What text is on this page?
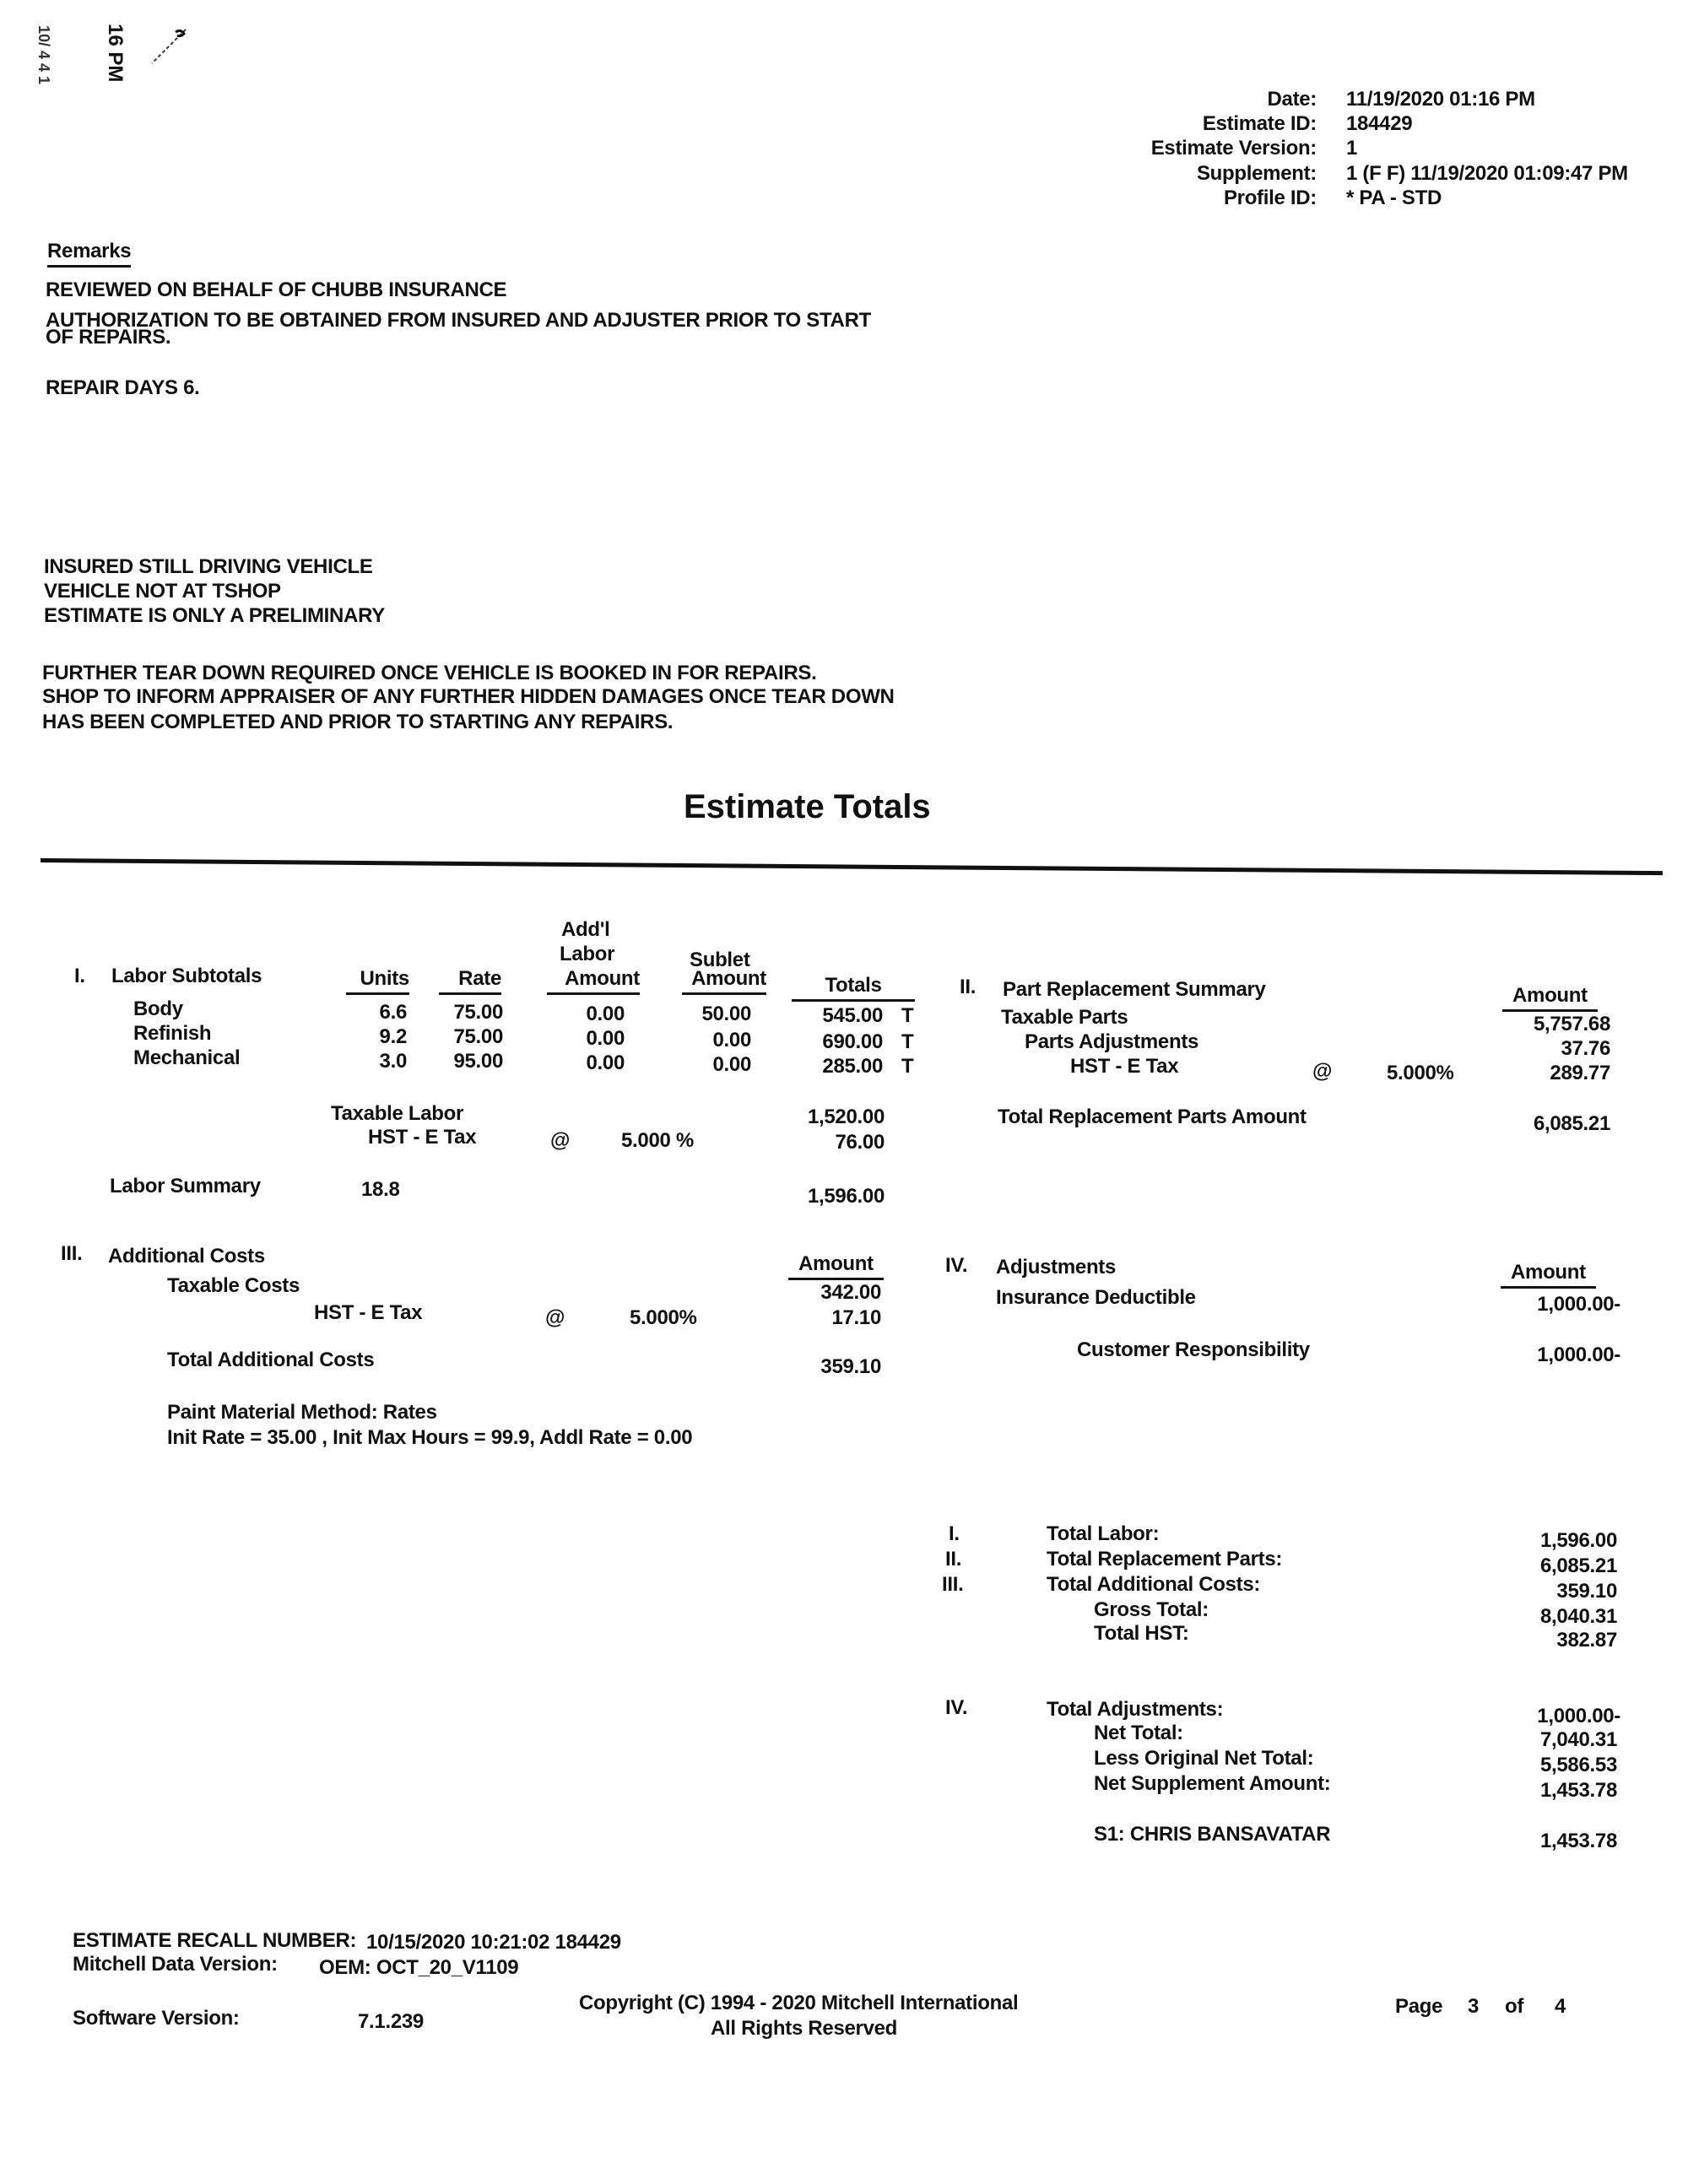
16 PM
10/ 4 4 1
Date: 11/19/2020 01:16 PM
Estimate ID: 184429
Estimate Version: 1
Supplement: 1 (F F) 11/19/2020 01:09:47 PM
Profile ID: * PA - STD
Remarks
REVIEWED ON BEHALF OF CHUBB INSURANCE
AUTHORIZATION TO BE OBTAINED FROM INSURED AND ADJUSTER PRIOR TO START
OF REPAIRS.
REPAIR DAYS 6.
INSURED STILL DRIVING VEHICLE
VEHICLE NOT AT TSHOP
ESTIMATE IS ONLY A PRELIMINARY
FURTHER TEAR DOWN REQUIRED ONCE VEHICLE IS BOOKED IN FOR REPAIRS.
SHOP TO INFORM APPRAISER OF ANY FURTHER HIDDEN DAMAGES ONCE TEAR DOWN
HAS BEEN COMPLETED AND PRIOR TO STARTING ANY REPAIRS.
Estimate Totals
I. Labor Subtotals	Units	Rate
Add'l
Labor
Amount
Sublet
Amount	Totals
Body	6.6	75.00	0.00	50.00	545.00 T
Refinish	9.2	75.00	0.00	0.00	690.00 T
Mechanical	3.0	95.00	0.00	0.00	285.00 T
Taxable Labor	1,520.00
HST - E Tax	@	5.000 %	76.00
Labor Summary	18.8	1,596.00
II. Part Replacement Summary	Amount
Taxable Parts	5,757.68
Parts Adjustments	37.76
HST - E Tax	@	5.000%	289.77
Total Replacement Parts Amount	6,085.21
III. Additional Costs	Amount
Taxable Costs	342.00
HST - E Tax	@	5.000%	17.10
Total Additional Costs	359.10
Paint Material Method: Rates
Init Rate = 35.00 , Init Max Hours = 99.9, Addl Rate = 0.00
IV. Adjustments	Amount
Insurance Deductible	1,000.00-
Customer Responsibility	1,000.00-
I.	Total Labor:	1,596.00
II.	Total Replacement Parts:	6,085.21
III.	Total Additional Costs:	359.10
Gross Total:	8,040.31
Total HST:	382.87
IV.	Total Adjustments:	1,000.00-
Net Total:	7,040.31
Less Original Net Total:	5,586.53
Net Supplement Amount:	1,453.78
S1: CHRIS BANSAVATAR	1,453.78
ESTIMATE RECALL NUMBER: 10/15/2020 10:21:02 184429
Mitchell Data Version: OEM: OCT_20_V1109
Software Version:	7.1.239
Copyright (C) 1994 - 2020 Mitchell International
All Rights Reserved
Page 3 of 4
